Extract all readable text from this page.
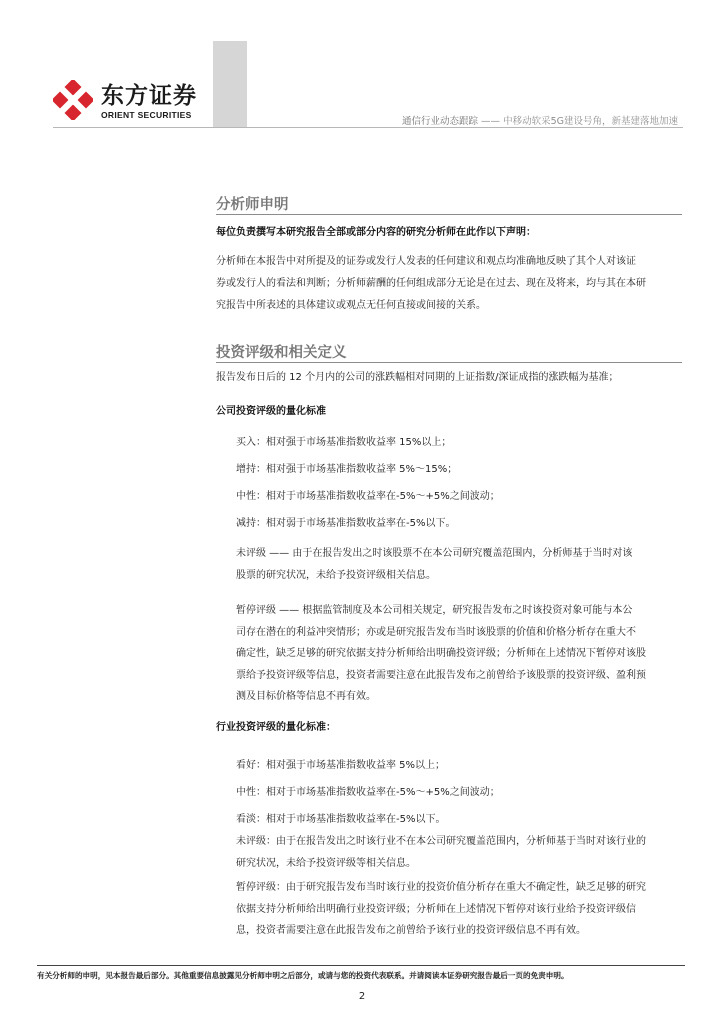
东方证券
ORIENT SECURITIES
通信行业动态跟踪 —— 中移动软采5G建设号角，新基建落地加速
分析师申明
每位负责撰写本研究报告全部或部分内容的研究分析师在此作以下声明：
分析师在本报告中对所提及的证券或发行人发表的任何建议和观点均准确地反映了其个人对该证
券或发行人的看法和判断；分析师薪酬的任何组成部分无论是在过去、现在及将来，均与其在本研
究报告中所表述的具体建议或观点无任何直接或间接的关系。
投资评级和相关定义
报告发布日后的 12 个月内的公司的涨跌幅相对同期的上证指数/深证成指的涨跌幅为基准；
公司投资评级的量化标准
买入：相对强于市场基准指数收益率 15%以上；
增持：相对强于市场基准指数收益率 5%～15%；
中性：相对于市场基准指数收益率在-5%～+5%之间波动；
减持：相对弱于市场基准指数收益率在-5%以下。
未评级 —— 由于在报告发出之时该股票不在本公司研究覆盖范围内，分析师基于当时对该
股票的研究状况，未给予投资评级相关信息。
暂停评级 —— 根据监管制度及本公司相关规定，研究报告发布之时该投资对象可能与本公
司存在潜在的利益冲突情形；亦或是研究报告发布当时该股票的价值和价格分析存在重大不
确定性，缺乏足够的研究依据支持分析师给出明确投资评级；分析师在上述情况下暂停对该股
票给予投资评级等信息，投资者需要注意在此报告发布之前曾给予该股票的投资评级、盈利预
测及目标价格等信息不再有效。
行业投资评级的量化标准：
看好：相对强于市场基准指数收益率 5%以上；
中性：相对于市场基准指数收益率在-5%～+5%之间波动；
看淡：相对于市场基准指数收益率在-5%以下。
未评级：由于在报告发出之时该行业不在本公司研究覆盖范围内，分析师基于当时对该行业的
研究状况，未给予投资评级等相关信息。
暂停评级：由于研究报告发布当时该行业的投资价值分析存在重大不确定性，缺乏足够的研究
依据支持分析师给出明确行业投资评级；分析师在上述情况下暂停对该行业给予投资评级信
息，投资者需要注意在此报告发布之前曾给予该行业的投资评级信息不再有效。
有关分析师的申明，见本报告最后部分。其他重要信息披露见分析师申明之后部分，或请与您的投资代表联系。并请阅读本证券研究报告最后一页的免责申明。
2
